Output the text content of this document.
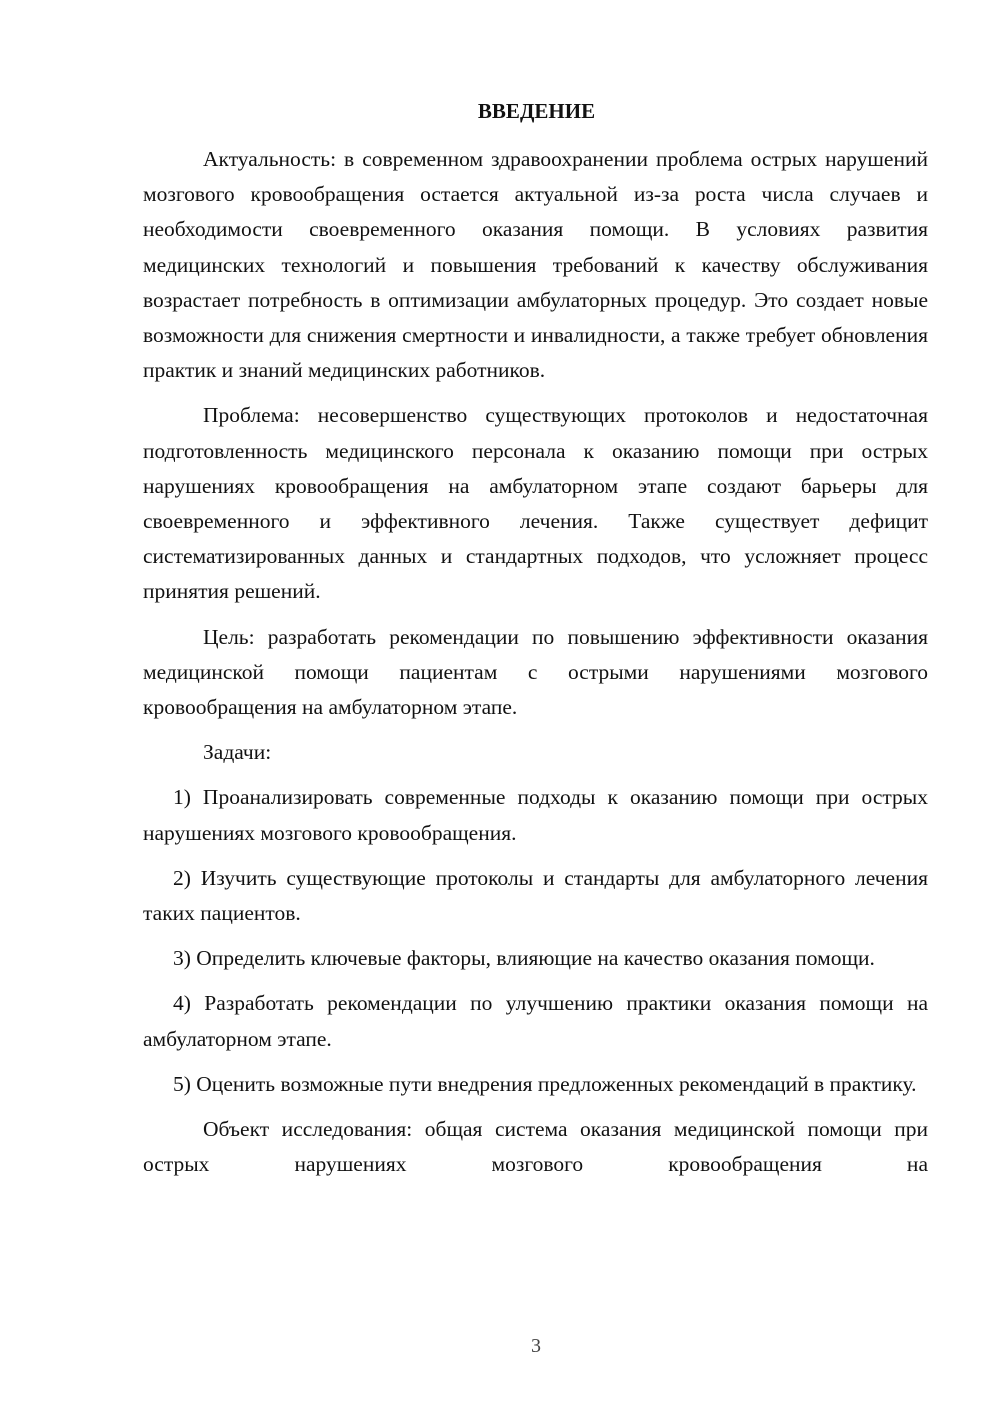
ВВЕДЕНИЕ

Актуальность: в современном здравоохранении проблема острых нарушений мозгового кровообращения остается актуальной из-за роста числа случаев и необходимости своевременного оказания помощи. В условиях развития медицинских технологий и повышения требований к качеству обслуживания возрастает потребность в оптимизации амбулаторных процедур. Это создает новые возможности для снижения смертности и инвалидности, а также требует обновления практик и знаний медицинских работников.

Проблема: несовершенство существующих протоколов и недостаточная подготовленность медицинского персонала к оказанию помощи при острых нарушениях кровообращения на амбулаторном этапе создают барьеры для своевременного и эффективного лечения. Также существует дефицит систематизированных данных и стандартных подходов, что усложняет процесс принятия решений.

Цель: разработать рекомендации по повышению эффективности оказания медицинской помощи пациентам с острыми нарушениями мозгового кровообращения на амбулаторном этапе.

Задачи:

1) Проанализировать современные подходы к оказанию помощи при острых нарушениях мозгового кровообращения.

2) Изучить существующие протоколы и стандарты для амбулаторного лечения таких пациентов.

3) Определить ключевые факторы, влияющие на качество оказания помощи.

4) Разработать рекомендации по улучшению практики оказания помощи на амбулаторном этапе.

5) Оценить возможные пути внедрения предложенных рекомендаций в практику.

Объект исследования: общая система оказания медицинской помощи при острых нарушениях мозгового кровообращения на

3
